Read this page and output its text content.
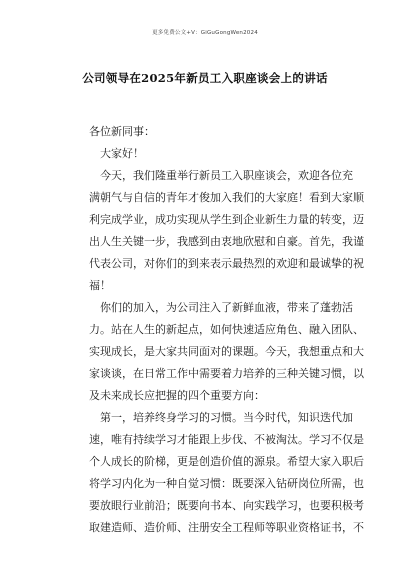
更多免费公文+V：GiGuGongWen2024
公司领导在2025年新员工入职座谈会上的讲话
各位新同事：
大家好！
今天，我们隆重举行新员工入职座谈会，欢迎各位充
满朝气与自信的青年才俊加入我们的大家庭！看到大家顺
利完成学业，成功实现从学生到企业新生力量的转变，迈
出人生关键一步，我感到由衷地欣慰和自豪。首先，我谨
代表公司，对你们的到来表示最热烈的欢迎和最诚挚的祝
福！
你们的加入，为公司注入了新鲜血液，带来了蓬勃活
力。站在人生的新起点，如何快速适应角色、融入团队、
实现成长，是大家共同面对的课题。今天，我想重点和大
家谈谈，在日常工作中需要着力培养的三种关键习惯，以
及未来成长应把握的四个重要方向：
第一，培养终身学习的习惯。当今时代，知识迭代加
速，唯有持续学习才能跟上步伐、不被淘汰。学习不仅是
个人成长的阶梯，更是创造价值的源泉。希望大家入职后
将学习内化为一种自觉习惯：既要深入钻研岗位所需，也
要放眼行业前沿；既要向书本、向实践学习，也要积极考
取建造师、造价师、注册安全工程师等职业资格证书，不
